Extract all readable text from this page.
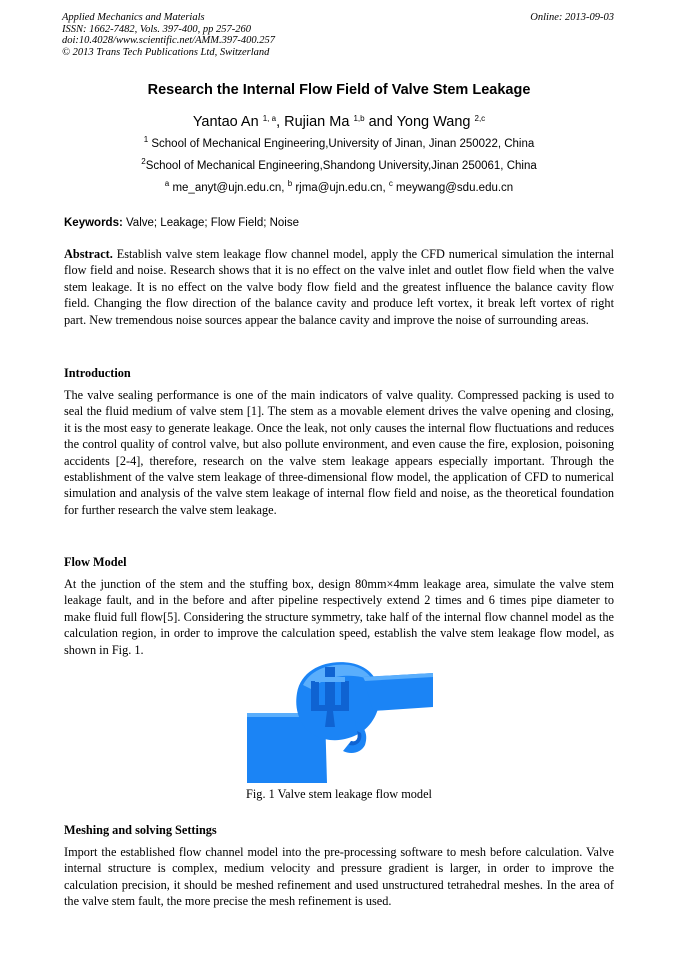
Applied Mechanics and Materials
ISSN: 1662-7482, Vols. 397-400, pp 257-260
doi:10.4028/www.scientific.net/AMM.397-400.257
© 2013 Trans Tech Publications Ltd, Switzerland
Online: 2013-09-03
Research the Internal Flow Field of Valve Stem Leakage
Yantao An $^{1, a}$, Rujian Ma $^{1,b}$ and Yong Wang $^{2,c}$
$^1$ School of Mechanical Engineering,University of Jinan, Jinan 250022, China
$^2$School of Mechanical Engineering,Shandong University,Jinan 250061, China
$^a$ me_anyt@ujn.edu.cn, $^b$ rjma@ujn.edu.cn, $^c$ meywang@sdu.edu.cn
Keywords: Valve; Leakage; Flow Field; Noise
Abstract. Establish valve stem leakage flow channel model, apply the CFD numerical simulation the internal flow field and noise. Research shows that it is no effect on the valve inlet and outlet flow field when the valve stem leakage. It is no effect on the valve body flow field and the greatest influence the balance cavity flow field. Changing the flow direction of the balance cavity and produce left vortex, it break left vortex of right part. New tremendous noise sources appear the balance cavity and improve the noise of surrounding areas.
Introduction
The valve sealing performance is one of the main indicators of valve quality. Compressed packing is used to seal the fluid medium of valve stem [1]. The stem as a movable element drives the valve opening and closing, it is the most easy to generate leakage. Once the leak, not only causes the internal flow fluctuations and reduces the control quality of control valve, but also pollute environment, and even cause the fire, explosion, poisoning accidents [2-4], therefore, research on the valve stem leakage appears especially important. Through the establishment of the valve stem leakage of three-dimensional flow model, the application of CFD to numerical simulation and analysis of the valve stem leakage of internal flow field and noise, as the theoretical foundation for further research the valve stem leakage.
Flow Model
At the junction of the stem and the stuffing box, design 80mm×4mm leakage area, simulate the valve stem leakage fault, and in the before and after pipeline respectively extend 2 times and 6 times pipe diameter to make fluid full flow[5]. Considering the structure symmetry, take half of the internal flow channel model as the calculation region, in order to improve the calculation speed, establish the valve stem leakage flow model, as shown in Fig. 1.
Fig. 1 Valve stem leakage flow model
Meshing and solving Settings
Import the established flow channel model into the pre-processing software to mesh before calculation. Valve internal structure is complex, medium velocity and pressure gradient is larger, in order to improve the calculation precision, it should be meshed refinement and used unstructured tetrahedral meshes. In the area of the valve stem fault, the more precise the mesh refinement is used.
